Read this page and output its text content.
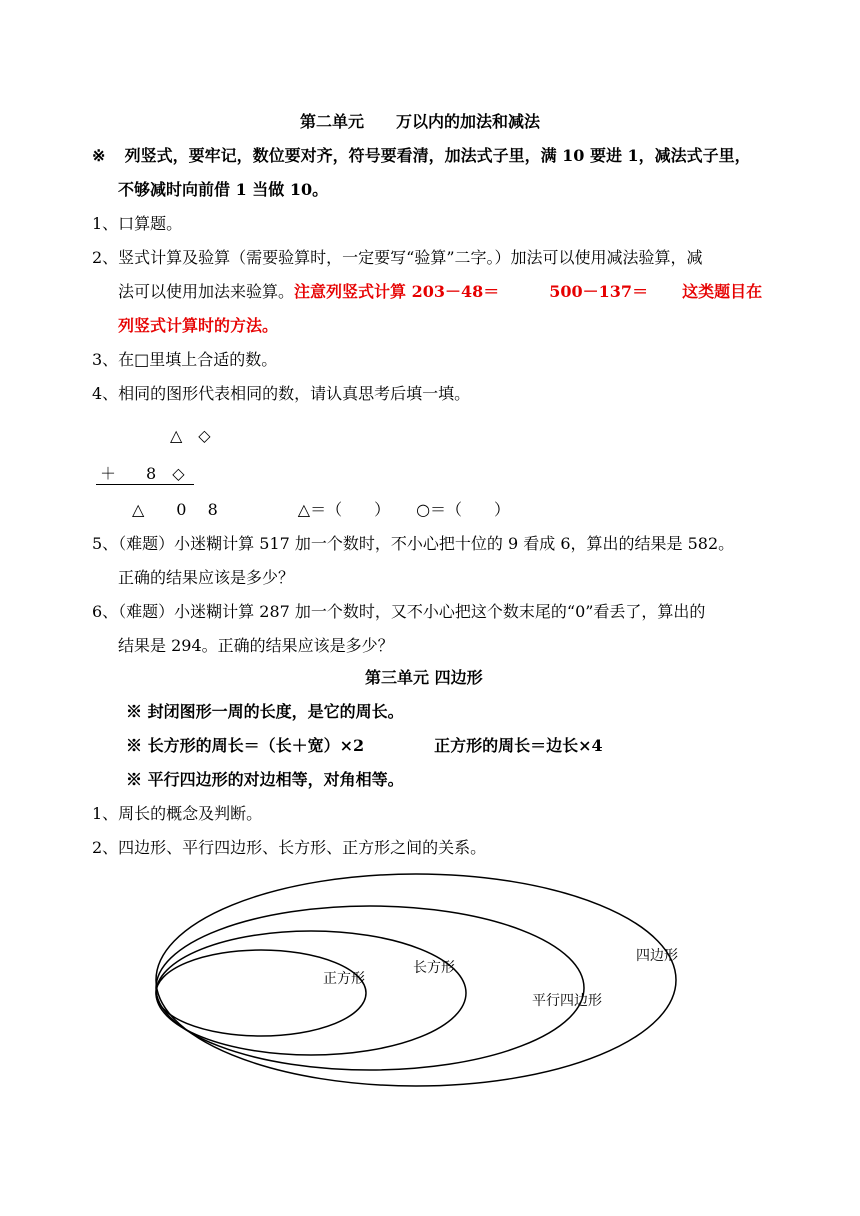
第二单元　　万以内的加法和减法
※ 列竖式，要牢记，数位要对齐，符号要看清，加法式子里，满 10 要进 1，减法式子里，
不够减时向前借 1 当做 10。
1、口算题。
2、竖式计算及验算（需要验算时，一定要写“验算”二字。）加法可以使用减法验算，减
法可以使用加法来验算。注意列竖式计算 203－48＝	500－137＝ 这类题目在
列竖式计算时的方法。
3、在□里填上合适的数。
4、相同的图形代表相同的数，请认真思考后填一填。
△　◇
＋ 8　◇
△　　0　 8	△＝（　　） ○＝（　　）
5、（难题）小迷糊计算 517 加一个数时，不小心把十位的 9 看成 6，算出的结果是 582。
正确的结果应该是多少？
6、（难题）小迷糊计算 287 加一个数时，又不小心把这个数末尾的“0”看丢了，算出的
结果是 294。正确的结果应该是多少？
第三单元 四边形
※ 封闭图形一周的长度，是它的周长。
※ 长方形的周长＝（长＋宽）×2	正方形的周长＝边长×4
※ 平行四边形的对边相等，对角相等。
1、周长的概念及判断。
2、四边形、平行四边形、长方形、正方形之间的关系。
正方形
长方形
平行四边形
四边形
